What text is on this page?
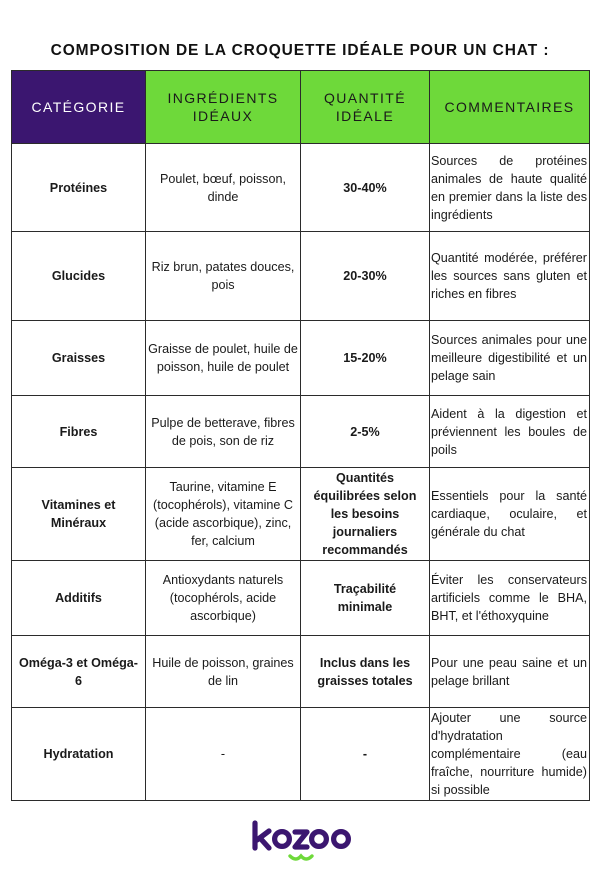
COMPOSITION DE LA CROQUETTE IDÉALE POUR UN CHAT :
CATÉGORIE	INGRÉDIENTS IDÉAUX	QUANTITÉ IDÉALE	COMMENTAIRES
Protéines	Poulet, bœuf, poisson, dinde	30-40%	Sources de protéines animales de haute qualité en premier dans la liste des ingrédients
Glucides	Riz brun, patates douces, pois	20-30%	Quantité modérée, préférer les sources sans gluten et riches en fibres
Graisses	Graisse de poulet, huile de poisson, huile de poulet	15-20%	Sources animales pour une meilleure digestibilité et un pelage sain
Fibres	Pulpe de betterave, fibres de pois, son de riz	2-5%	Aident à la digestion et préviennent les boules de poils
Vitamines et Minéraux	Taurine, vitamine E (tocophérols), vitamine C (acide ascorbique), zinc, fer, calcium	Quantités équilibrées selon les besoins journaliers recommandés	Essentiels pour la santé cardiaque, oculaire, et générale du chat
Additifs	Antioxydants naturels (tocophérols, acide ascorbique)	Traçabilité minimale	Éviter les conservateurs artificiels comme le BHA, BHT, et l'éthoxyquine
Oméga-3 et Oméga-6	Huile de poisson, graines de lin	Inclus dans les graisses totales	Pour une peau saine et un pelage brillant
Hydratation	-	-	Ajouter une source d'hydratation complémentaire (eau fraîche, nourriture humide) si possible
